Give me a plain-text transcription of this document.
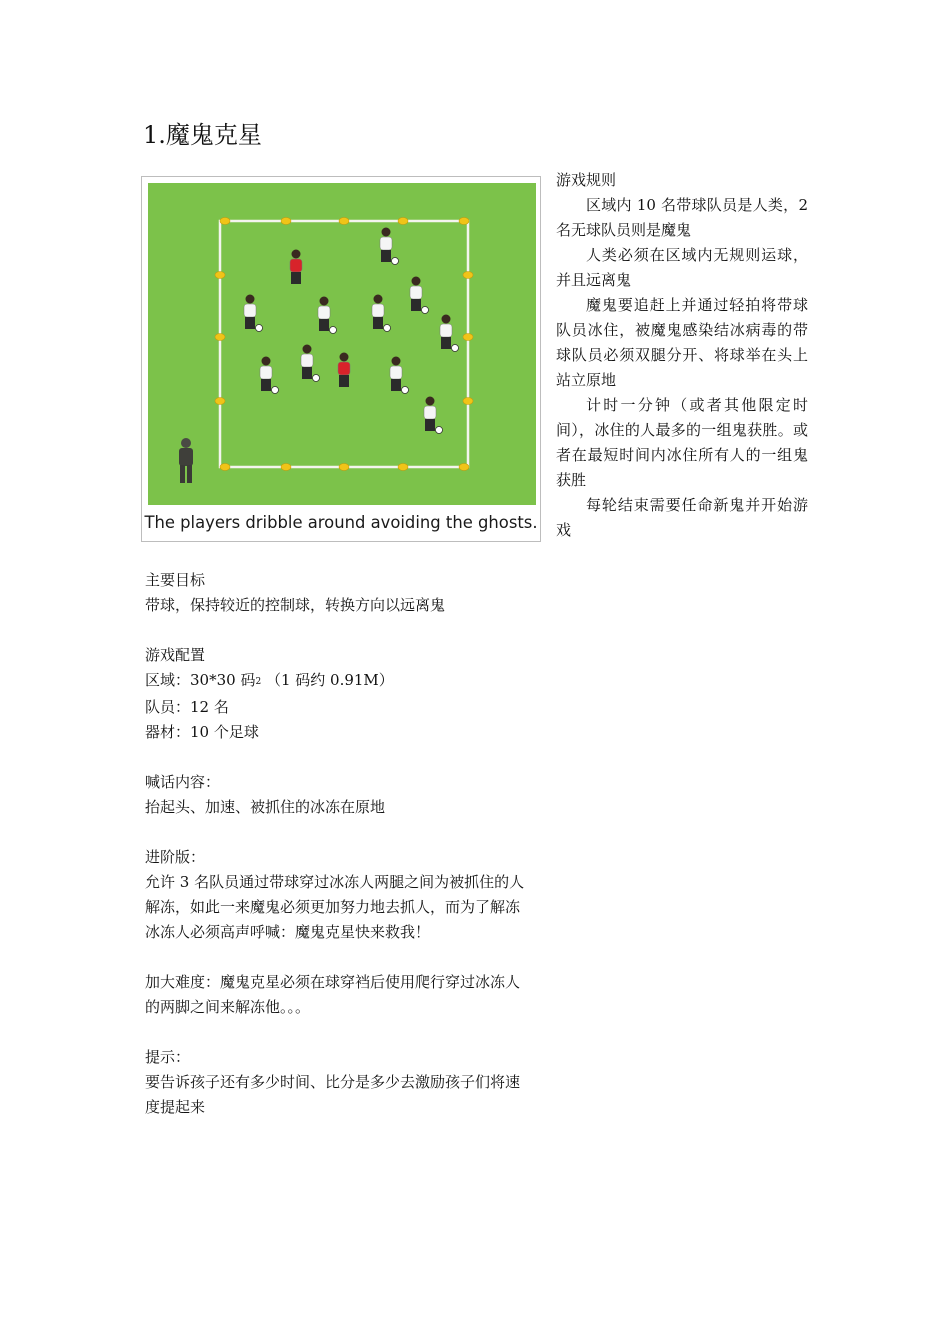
1.魔鬼克星
The players dribble around avoiding the ghosts.

游戏规则

区域内 10 名带球队员是人类，2 名无球队员则是魔鬼

人类必须在区域内无规则运球，并且远离鬼

魔鬼要追赶上并通过轻拍将带球队员冰住，被魔鬼感染结冰病毒的带球队员必须双腿分开、将球举在头上站立原地

计时一分钟（或者其他限定时间），冰住的人最多的一组鬼获胜。或者在最短时间内冰住所有人的一组鬼获胜

每轮结束需要任命新鬼并开始游戏

主要目标

带球，保持较近的控制球，转换方向以远离鬼

游戏配置

区域：30*30 码2 （1 码约 0.91M）

队员：12 名

器材：10 个足球

喊话内容：

抬起头、加速、被抓住的冰冻在原地

进阶版：

允许 3 名队员通过带球穿过冰冻人两腿之间为被抓住的人解冻，如此一来魔鬼必须更加努力地去抓人，而为了解冻冰冻人必须高声呼喊：魔鬼克星快来救我！

加大难度：魔鬼克星必须在球穿裆后使用爬行穿过冰冻人的两脚之间来解冻他。。。

提示：

要告诉孩子还有多少时间、比分是多少去激励孩子们将速度提起来
